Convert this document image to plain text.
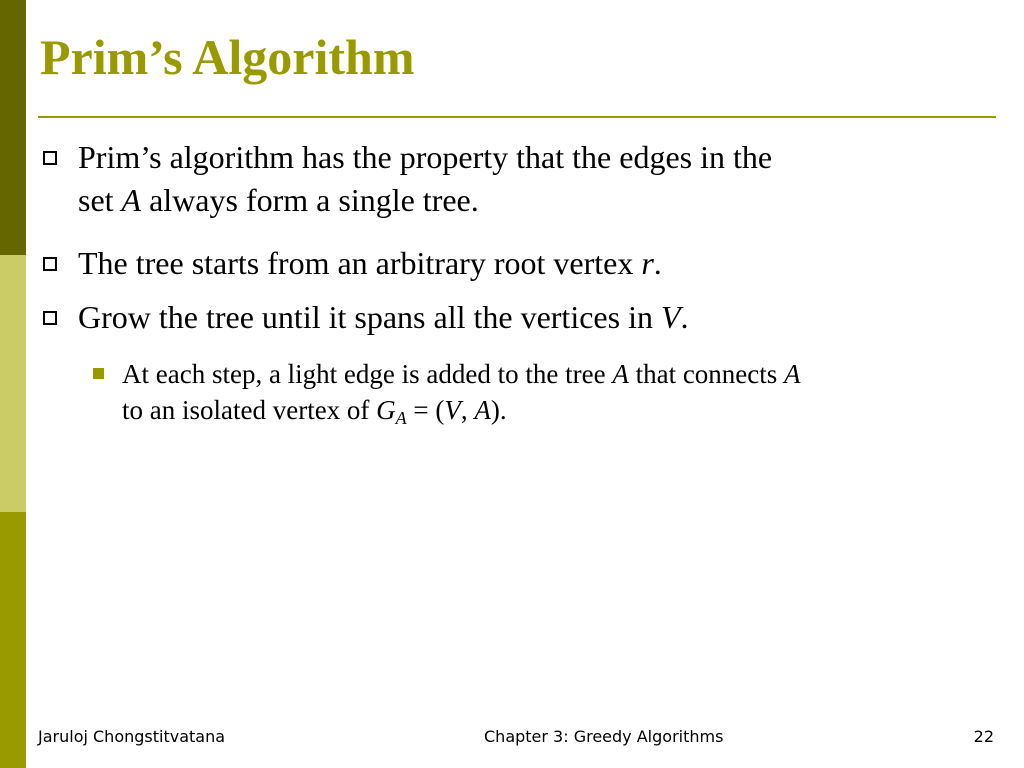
Prim’s Algorithm
Prim’s algorithm has the property that the edges in the
set A always form a single tree.
The tree starts from an arbitrary root vertex r.
Grow the tree until it spans all the vertices in V.
At each step, a light edge is added to the tree A that connects A
to an isolated vertex of $G_A = (V$, A).
Jaruloj Chongstitvatana	Chapter 3: Greedy Algorithms	22
